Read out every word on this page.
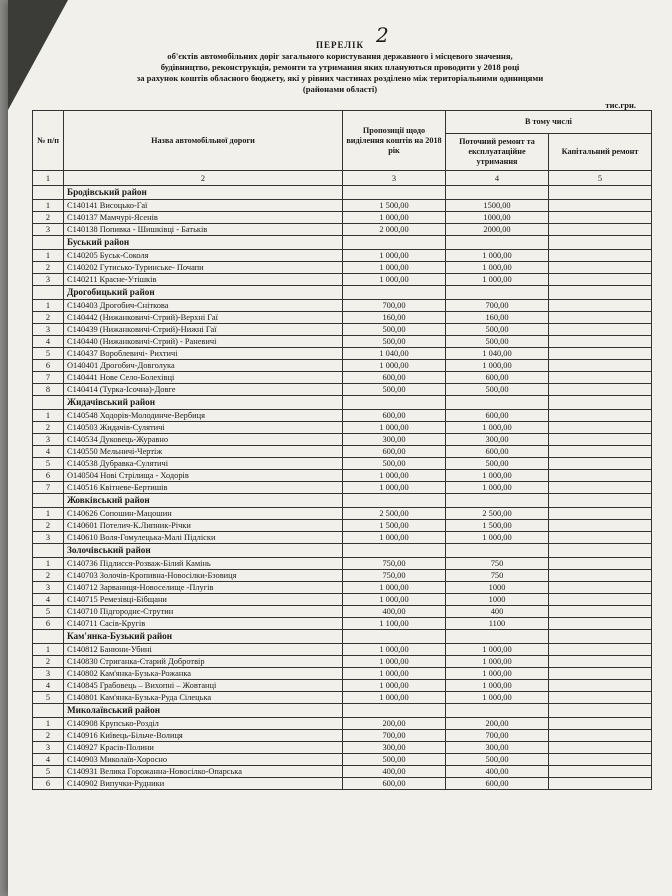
ПЕРЕЛІК 2
об'єктів автомобільних доріг загального користування державного і місцевого значення,
будівництво, реконструкція, ремонти та утримання яких плануються проводити у 2018 році
за рахунок коштів обласного бюджету, які у рівних частинах розділено між територіальними одиницями
(районами області)
тис.грн.
№ п/п	Назва автомобільної дороги	Пропозиції щодо виділення коштів на 2018 рік	В тому числі	
			Поточний ремонт та експлуатаційне утримання	Капітальний ремонт
1	2	3	4	5
	Бродівський район			
1	С140141 Висоцько-Гаї	1 500,00	1500,00	
2	С140137 Мамчурі-Ясенів	1 000,00	1000,00	
3	С140138 Попивка - Шишківці - Батьків	2 000,00	2000,00	
	Буський район			
1	С140205 Буськ-Соколя	1 000,00	1 000,00	
2	С140202 Гутисько-Туринське- Почапи	1 000,00	1 000,00	
3	С140211 Красне-Утішків	1 000,00	1 000,00	
	Дрогобицький район			
1	С140403 Дрогобич-Сніткова	700,00	700,00	
2	С140442 (Нижанковичі-Стрий)-Верхні Гаї	160,00	160,00	
3	С140439 (Нижанковичі-Стрий)-Нижні Гаї	500,00	500,00	
4	С140440 (Нижанковичі-Стрий) - Раневичі	500,00	500,00	
5	С140437 Вороблевичі- Рихтичі	1 040,00	1 040,00	
6	О140401 Дрогобич-Довголука	1 000,00	1 000,00	
7	С140441 Нове Село-Болехівці	600,00	600,00	
8	С140414 (Турка-Ісочна)-Довге	500,00	500,00	
	Жидачівський район			
1	С140548 Ходорів-Молодинче-Вербиця	600,00	600,00	
2	С140503 Жидачів-Сулятичі	1 000,00	1 000,00	
3	С140534 Дуковець-Журавно	300,00	300,00	
4	С140550 Мельничі-Чертіж	600,00	600,00	
5	С140538 Дубравка-Сулятичі	500,00	500,00	
6	О140504 Нові Стрілища - Ходорів	1 000,00	1 000,00	
7	С140516 Квітневе-Бертишів	1 000,00	1 000,00	
	Жовківський район			
1	С140626 Сопошин-Мацошин	2 500,00	2 500,00	
2	С140601 Потелич-К.Липник-Річки	1 500,00	1 500,00	
3	С140610 Воля-Гомулецька-Малі Підліски	1 000,00	1 000,00	
	Золочівський район			
1	С140736 Підлисся-Розваж-Білий Камінь	750,00	750	
2	С140703 Золочів-Кропивна-Новосілки-Бзовиця	750,00	750	
3	С140712 Зарваниця-Новоселище -Плугів	1 000,00	1000	
4	С140715 Ремезівці-Бібщани	1 000,00	1000	
5	С140710 Підгороднє-Струтин	400,00	400	
6	С140711 Сасів-Кругів	1 100,00	1100	
	Кам'янка-Бузький район			
1	С140812 Банюни-Убині	1 000,00	1 000,00	
2	С140830 Стриганка-Старий Добротвір	1 000,00	1 000,00	
3	С140802 Кам'янка-Бузька-Рожанка	1 000,00	1 000,00	
4	С140845 Грабовець – Вихопні – Жовтанці	1 000,00	1 000,00	
5	С140801 Кам'янка-Бузька-Руда Сілецька	1 000,00	1 000,00	
	Миколаївський район			
1	С140908 Крупсько-Розділ	200,00	200,00	
2	С140916 Київець-Більче-Волиця	700,00	700,00	
3	С140927 Красів-Полини	300,00	300,00	
4	С140903 Миколаїв-Хоросно	500,00	500,00	
5	С140931 Велика Горожанна-Новосілко-Опарська	400,00	400,00	
6	С140902 Випучки-Рудники	600,00	600,00	
